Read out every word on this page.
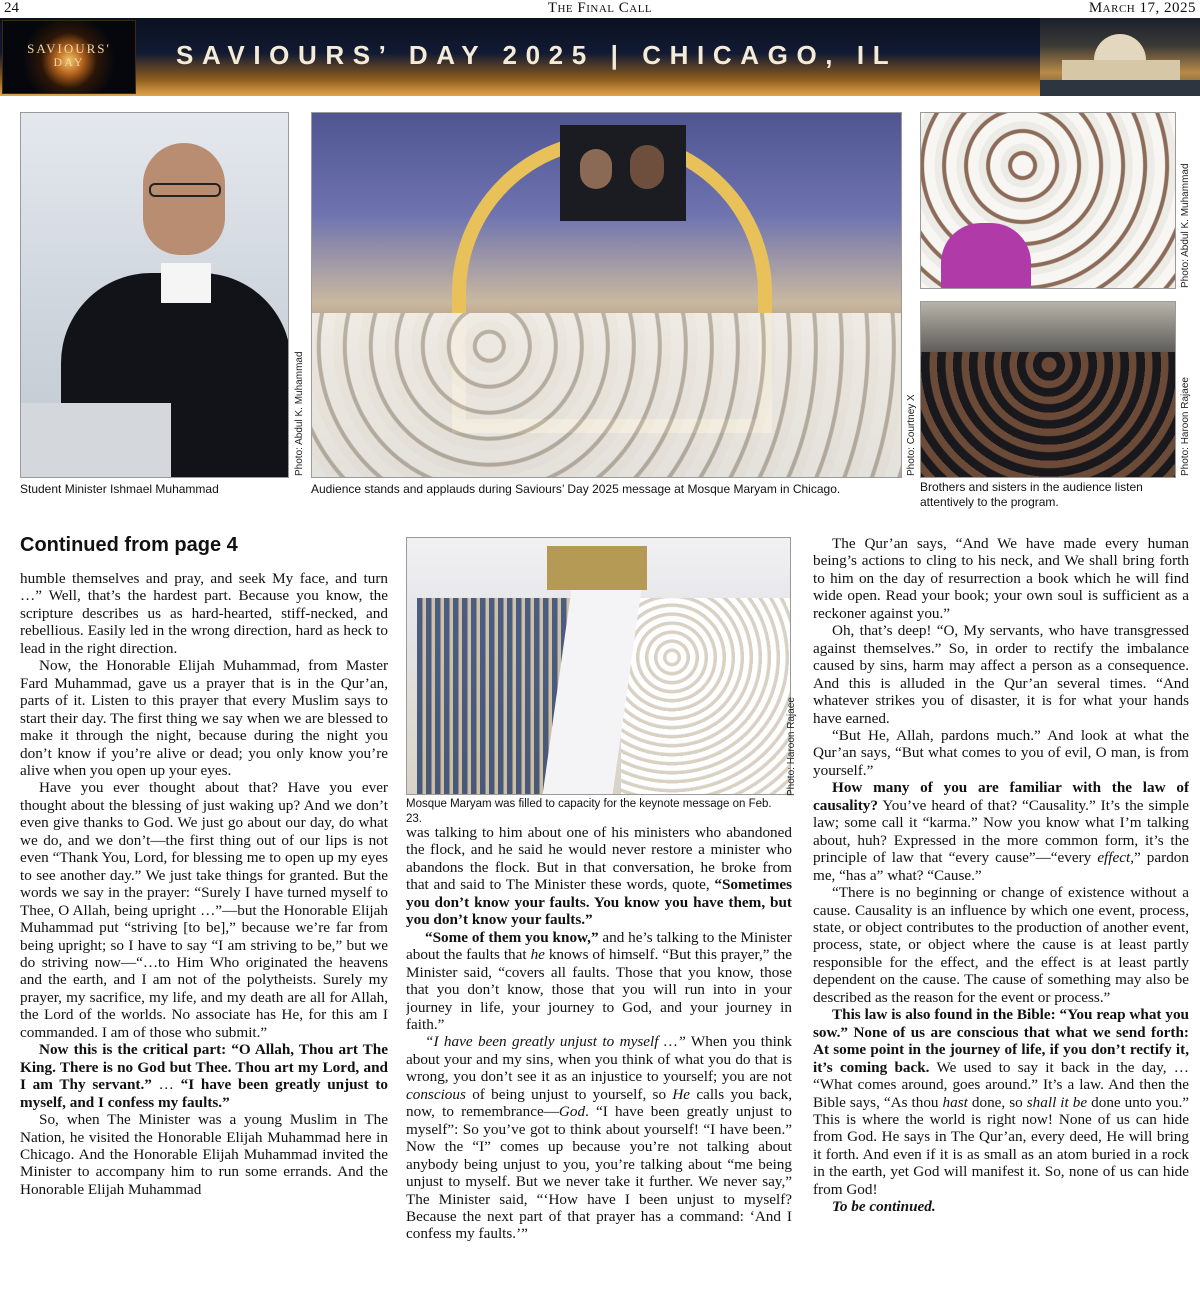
24	The Final Call	March 17, 2025
SAVIOURS'
DAY	SAVIOURS’ DAY 2025 | CHICAGO, IL
Photo: Abdul K. Muhammad
Student Minister Ishmael Muhammad
Photo: Courtney X
Audience stands and applauds during Saviours’ Day 2025 message at Mosque Maryam in Chicago.
Photo: Abdul K. Muhammad
Photo: Haroon Rajaee
Brothers and sisters in the audience listen attentively to the program.
Continued from page 4

humble themselves and pray, and seek My face, and turn …” Well, that’s the hardest part. Because you know, the scripture describes us as hard-hearted, stiff-necked, and rebellious. Easily led in the wrong direction, hard as heck to lead in the right direction.

Now, the Honorable Elijah Muhammad, from Master Fard Muhammad, gave us a prayer that is in the Qur’an, parts of it. Listen to this prayer that every Muslim says to start their day. The first thing we say when we are blessed to make it through the night, because during the night you don’t know if you’re alive or dead; you only know you’re alive when you open up your eyes.

Have you ever thought about that? Have you ever thought about the blessing of just waking up? And we don’t even give thanks to God. We just go about our day, do what we do, and we don’t—the first thing out of our lips is not even “Thank You, Lord, for blessing me to open up my eyes to see another day.” We just take things for granted. But the words we say in the prayer: “Surely I have turned myself to Thee, O Allah, being upright …”—but the Honorable Elijah Muhammad put “striving [to be],” because we’re far from being upright; so I have to say “I am striving to be,” but we do striving now—“…to Him Who originated the heavens and the earth, and I am not of the polytheists. Surely my prayer, my sacrifice, my life, and my death are all for Allah, the Lord of the worlds. No associate has He, for this am I commanded. I am of those who submit.”

Now this is the critical part: “O Allah, Thou art The King. There is no God but Thee. Thou art my Lord, and I am Thy servant.” … “I have been greatly unjust to myself, and I confess my faults.”

So, when The Minister was a young Muslim in The Nation, he visited the Honorable Elijah Muhammad here in Chicago. And the Honorable Elijah Muhammad invited the Minister to accompany him to run some errands. And the Honorable Elijah Muhammad

Photo: Haroon Rajaee
Mosque Maryam was filled to capacity for the keynote message on Feb. 23.

was talking to him about one of his ministers who abandoned the flock, and he said he would never restore a minister who abandons the flock. But in that conversation, he broke from that and said to The Minister these words, quote, “Sometimes you don’t know your faults. You know you have them, but you don’t know your faults.”

“Some of them you know,” and he’s talking to the Minister about the faults that he knows of himself. “But this prayer,” the Minister said, “covers all faults. Those that you know, those that you don’t know, those that you will run into in your journey in life, your journey to God, and your journey in faith.”

“I have been greatly unjust to myself …” When you think about your and my sins, when you think of what you do that is wrong, you don’t see it as an injustice to yourself; you are not conscious of being unjust to yourself, so He calls you back, now, to remembrance—God. “I have been greatly unjust to myself”: So you’ve got to think about yourself! “I have been.” Now the “I” comes up because you’re not talking about anybody being unjust to you, you’re talking about “me being unjust to myself. But we never take it further. We never say,” The Minister said, “‘How have I been unjust to myself? Because the next part of that prayer has a command: ‘And I confess my faults.’”

The Qur’an says, “And We have made every human being’s actions to cling to his neck, and We shall bring forth to him on the day of resurrection a book which he will find wide open. Read your book; your own soul is sufficient as a reckoner against you.”

Oh, that’s deep! “O, My servants, who have transgressed against themselves.” So, in order to rectify the imbalance caused by sins, harm may affect a person as a consequence. And this is alluded in the Qur’an several times. “And whatever strikes you of disaster, it is for what your hands have earned.

“But He, Allah, pardons much.” And look at what the Qur’an says, “But what comes to you of evil, O man, is from yourself.”

How many of you are familiar with the law of causality? You’ve heard of that? “Causality.” It’s the simple law; some call it “karma.” Now you know what I’m talking about, huh? Expressed in the more common form, it’s the principle of law that “every cause”—“every effect,” pardon me, “has a” what? “Cause.”

“There is no beginning or change of existence without a cause. Causality is an influence by which one event, process, state, or object contributes to the production of another event, process, state, or object where the cause is at least partly responsible for the effect, and the effect is at least partly dependent on the cause. The cause of something may also be described as the reason for the event or process.”

This law is also found in the Bible: “You reap what you sow.” None of us are conscious that what we send forth: At some point in the journey of life, if you don’t rectify it, it’s coming back. We used to say it back in the day, … “What comes around, goes around.” It’s a law. And then the Bible says, “As thou hast done, so shall it be done unto you.” This is where the world is right now! None of us can hide from God. He says in The Qur’an, every deed, He will bring it forth. And even if it is as small as an atom buried in a rock in the earth, yet God will manifest it. So, none of us can hide from God!

To be continued.
